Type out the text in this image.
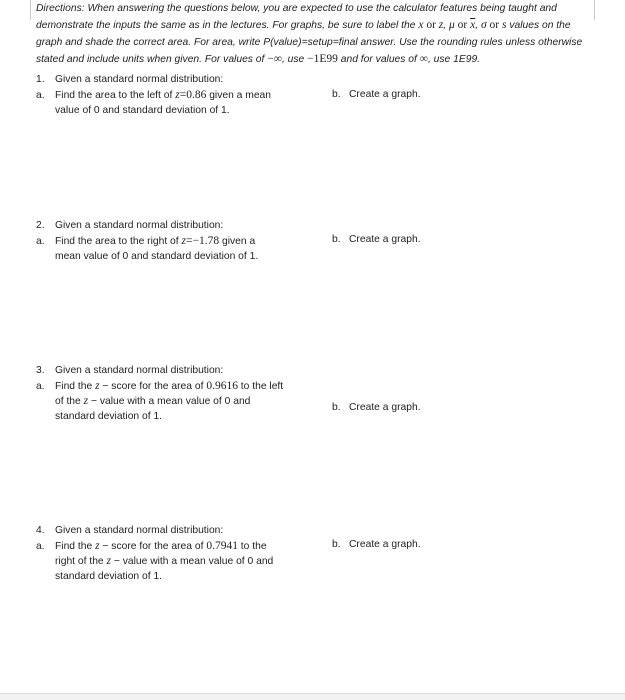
Directions: When answering the questions below, you are expected to use the calculator features being taught and demonstrate the inputs the same as in the lectures. For graphs, be sure to label the x or z, μ or $\overline{x}$, σ or s values on the graph and shade the correct area. For area, write P(value)=setup=final answer. Use the rounding rules unless otherwise stated and include units when given. For values of −∞, use −1E99 and for values of ∞, use 1E99.
1.	Given a standard normal distribution:
a.	Find the area to the left of z=0.86 given a mean
value of 0 and standard deviation of 1.
b. Create a graph.
2.	Given a standard normal distribution:
a.	Find the area to the right of z=−1.78 given a
mean value of 0 and standard deviation of 1.
b. Create a graph.
3.	Given a standard normal distribution:
a.	Find the z − score for the area of 0.9616 to the left
of the z − value with a mean value of 0 and
standard deviation of 1.
b. Create a graph.
4.	Given a standard normal distribution:
a.	Find the z − score for the area of 0.7941 to the
right of the z − value with a mean value of 0 and
standard deviation of 1.
b. Create a graph.
